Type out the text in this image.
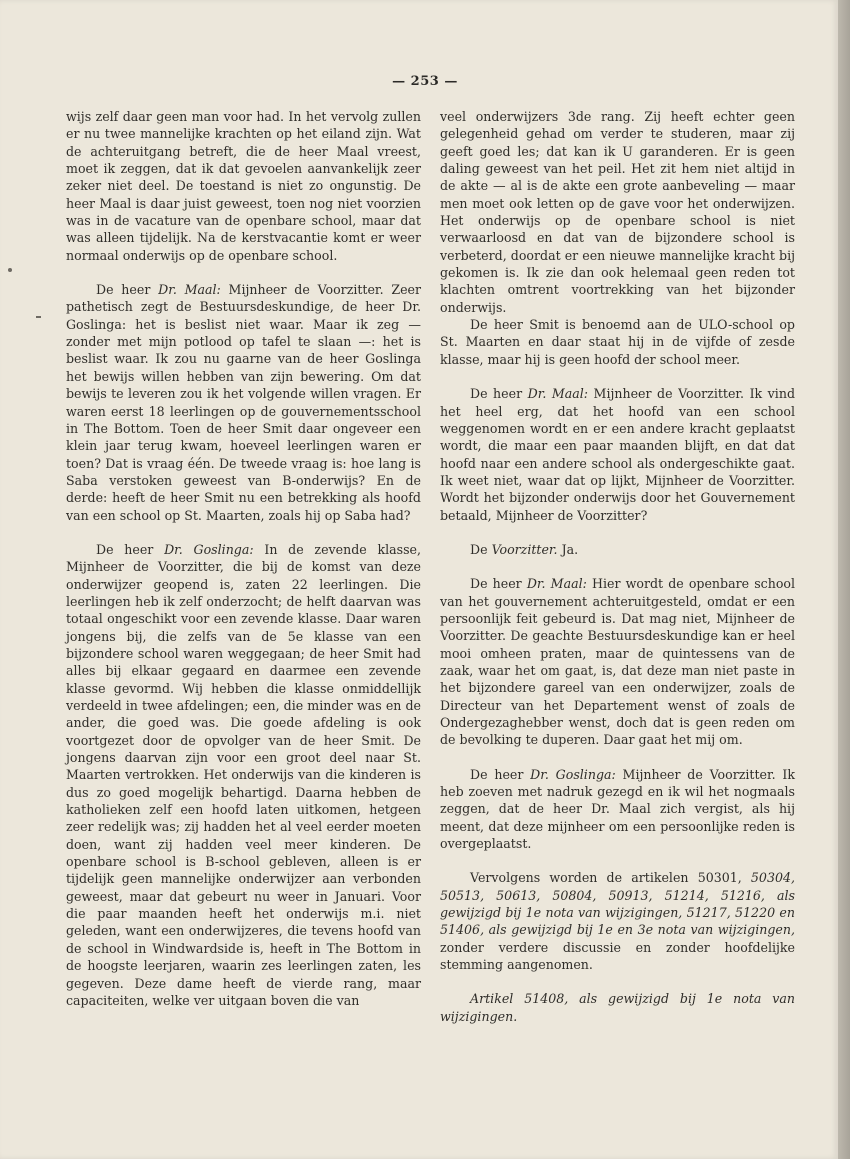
— 253 —

wijs zelf daar geen man voor had. In het vervolg zullen er nu twee mannelijke krachten op het eiland zijn. Wat de achteruitgang betreft, die de heer Maal vreest, moet ik zeggen, dat ik dat gevoelen aanvankelijk zeer zeker niet deel. De toestand is niet zo ongunstig. De heer Maal is daar juist geweest, toen nog niet voorzien was in de vacature van de openbare school, maar dat was alleen tijdelijk. Na de kerstvacantie komt er weer normaal onderwijs op de openbare school.

De heer Dr. Maal: Mijnheer de Voorzitter. Zeer pathetisch zegt de Bestuursdeskundige, de heer Dr. Goslinga: het is beslist niet waar. Maar ik zeg — zonder met mijn potlood op tafel te slaan —: het is beslist waar. Ik zou nu gaarne van de heer Goslinga het bewijs willen hebben van zijn bewering. Om dat bewijs te leveren zou ik het volgende willen vragen. Er waren eerst 18 leerlingen op de gouvernementsschool in The Bottom. Toen de heer Smit daar ongeveer een klein jaar terug kwam, hoeveel leerlingen waren er toen? Dat is vraag één. De tweede vraag is: hoe lang is Saba verstoken geweest van B-onderwijs? En de derde: heeft de heer Smit nu een betrekking als hoofd van een school op St. Maarten, zoals hij op Saba had?

De heer Dr. Goslinga: In de zevende klasse, Mijnheer de Voorzitter, die bij de komst van deze onderwijzer geopend is, zaten 22 leerlingen. Die leerlingen heb ik zelf onderzocht; de helft daarvan was totaal ongeschikt voor een zevende klasse. Daar waren jongens bij, die zelfs van de 5e klasse van een bijzondere school waren weggegaan; de heer Smit had alles bij elkaar gegaard en daarmee een zevende klasse gevormd. Wij hebben die klasse onmiddellijk verdeeld in twee afdelingen; een, die minder was en de ander, die goed was. Die goede afdeling is ook voortgezet door de opvolger van de heer Smit. De jongens daarvan zijn voor een groot deel naar St. Maarten vertrokken. Het onderwijs van die kinderen is dus zo goed mogelijk behartigd. Daarna hebben de katholieken zelf een hoofd laten uitkomen, hetgeen zeer redelijk was; zij hadden het al veel eerder moeten doen, want zij hadden veel meer kinderen. De openbare school is B-school gebleven, alleen is er tijdelijk geen mannelijke onderwijzer aan verbonden geweest, maar dat gebeurt nu weer in Januari. Voor die paar maanden heeft het onderwijs m.i. niet geleden, want een onderwijzeres, die tevens hoofd van de school in Windwardside is, heeft in The Bottom in de hoogste leerjaren, waarin zes leerlingen zaten, les gegeven. Deze dame heeft de vierde rang, maar capaciteiten, welke ver uitgaan boven die van

veel onderwijzers 3de rang. Zij heeft echter geen gelegenheid gehad om verder te studeren, maar zij geeft goed les; dat kan ik U garanderen. Er is geen daling geweest van het peil. Het zit hem niet altijd in de akte — al is de akte een grote aanbeveling — maar men moet ook letten op de gave voor het onderwijzen. Het onderwijs op de openbare school is niet verwaarloosd en dat van de bijzondere school is verbeterd, doordat er een nieuwe mannelijke kracht bij gekomen is. Ik zie dan ook helemaal geen reden tot klachten omtrent voortrekking van het bijzonder onderwijs.

De heer Smit is benoemd aan de ULO-school op St. Maarten en daar staat hij in de vijfde of zesde klasse, maar hij is geen hoofd der school meer.

De heer Dr. Maal: Mijnheer de Voorzitter. Ik vind het heel erg, dat het hoofd van een school weggenomen wordt en er een andere kracht geplaatst wordt, die maar een paar maanden blijft, en dat dat hoofd naar een andere school als ondergeschikte gaat. Ik weet niet, waar dat op lijkt, Mijnheer de Voorzitter. Wordt het bijzonder onderwijs door het Gouvernement betaald, Mijnheer de Voorzitter?

De Voorzitter. Ja.

De heer Dr. Maal: Hier wordt de openbare school van het gouvernement achteruitgesteld, omdat er een persoonlijk feit gebeurd is. Dat mag niet, Mijnheer de Voorzitter. De geachte Bestuursdeskundige kan er heel mooi omheen praten, maar de quintessens van de zaak, waar het om gaat, is, dat deze man niet paste in het bijzondere gareel van een onderwijzer, zoals de Directeur van het Departement wenst of zoals de Ondergezaghebber wenst, doch dat is geen reden om de bevolking te duperen. Daar gaat het mij om.

De heer Dr. Goslinga: Mijnheer de Voorzitter. Ik heb zoeven met nadruk gezegd en ik wil het nogmaals zeggen, dat de heer Dr. Maal zich vergist, als hij meent, dat deze mijnheer om een persoonlijke reden is overgeplaatst.

Vervolgens worden de artikelen 50301, 50304, 50513, 50613, 50804, 50913, 51214, 51216, als gewijzigd bij 1e nota van wijzigingen, 51217, 51220 en 51406, als gewijzigd bij 1e en 3e nota van wijzigingen, zonder verdere discussie en zonder hoofdelijke stemming aangenomen.

Artikel 51408, als gewijzigd bij 1e nota van wijzigingen.
